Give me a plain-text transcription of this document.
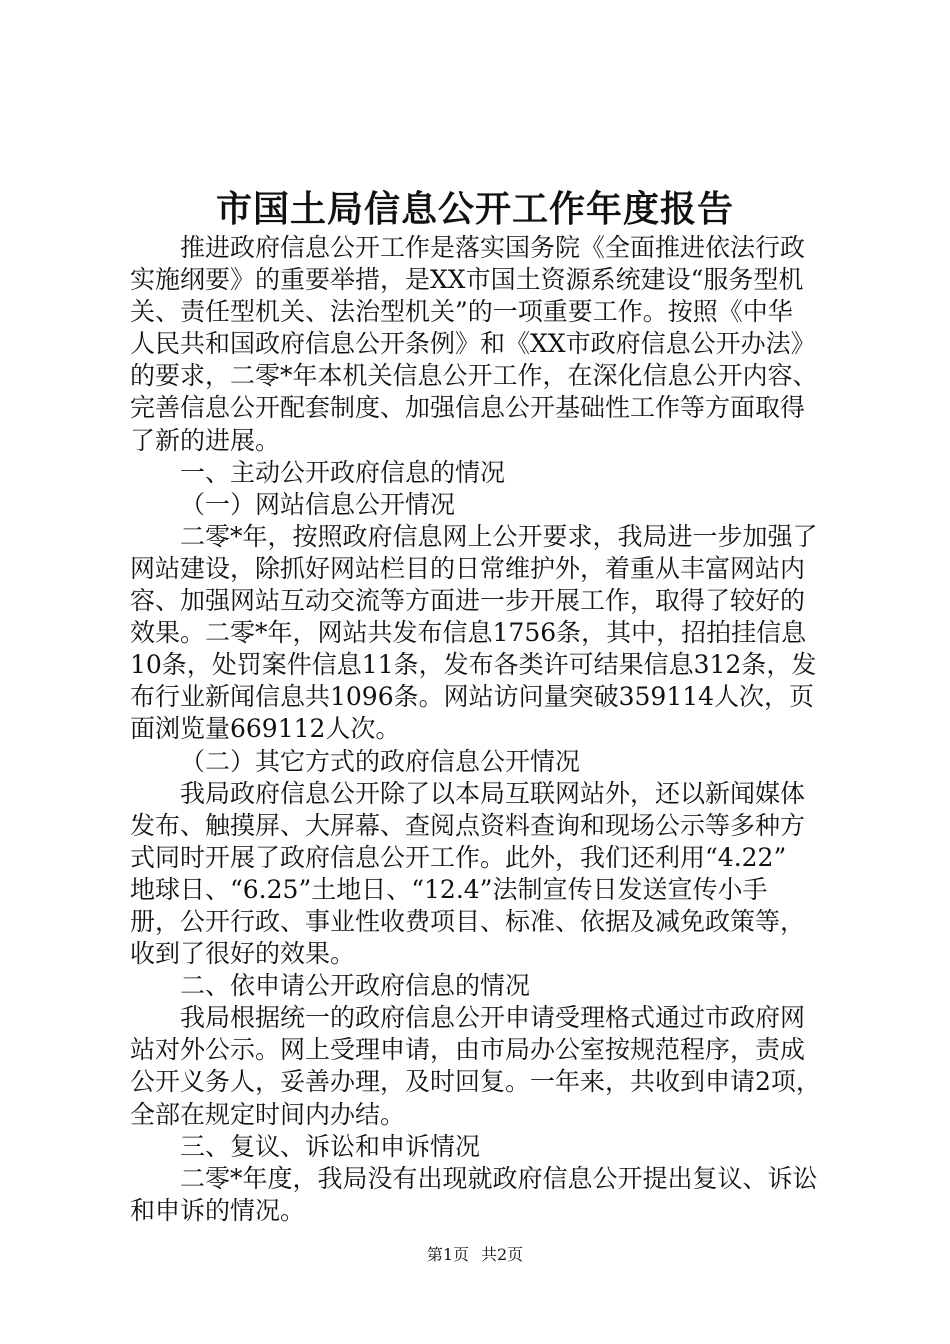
市国土局信息公开工作年度报告
推进政府信息公开工作是落实国务院《全面推进依法行政
实施纲要》的重要举措，是XX市国土资源系统建设“服务型机
关、责任型机关、法治型机关”的一项重要工作。按照《中华
人民共和国政府信息公开条例》和《XX市政府信息公开办法》
的要求，二零*年本机关信息公开工作，在深化信息公开内容、
完善信息公开配套制度、加强信息公开基础性工作等方面取得
了新的进展。
一、主动公开政府信息的情况
（一）网站信息公开情况
二零*年，按照政府信息网上公开要求，我局进一步加强了
网站建设，除抓好网站栏目的日常维护外，着重从丰富网站内
容、加强网站互动交流等方面进一步开展工作，取得了较好的
效果。二零*年，网站共发布信息1756条，其中，招拍挂信息
10条，处罚案件信息11条，发布各类许可结果信息312条，发
布行业新闻信息共1096条。网站访问量突破359114人次，页
面浏览量669112人次。
（二）其它方式的政府信息公开情况
我局政府信息公开除了以本局互联网站外，还以新闻媒体
发布、触摸屏、大屏幕、查阅点资料查询和现场公示等多种方
式同时开展了政府信息公开工作。此外，我们还利用“4.22”
地球日、“6.25”土地日、“12.4”法制宣传日发送宣传小手
册，公开行政、事业性收费项目、标准、依据及减免政策等，
收到了很好的效果。
二、依申请公开政府信息的情况
我局根据统一的政府信息公开申请受理格式通过市政府网
站对外公示。网上受理申请，由市局办公室按规范程序，责成
公开义务人，妥善办理，及时回复。一年来，共收到申请2项，
全部在规定时间内办结。
三、复议、诉讼和申诉情况
二零*年度，我局没有出现就政府信息公开提出复议、诉讼
和申诉的情况。
第1页 共2页
